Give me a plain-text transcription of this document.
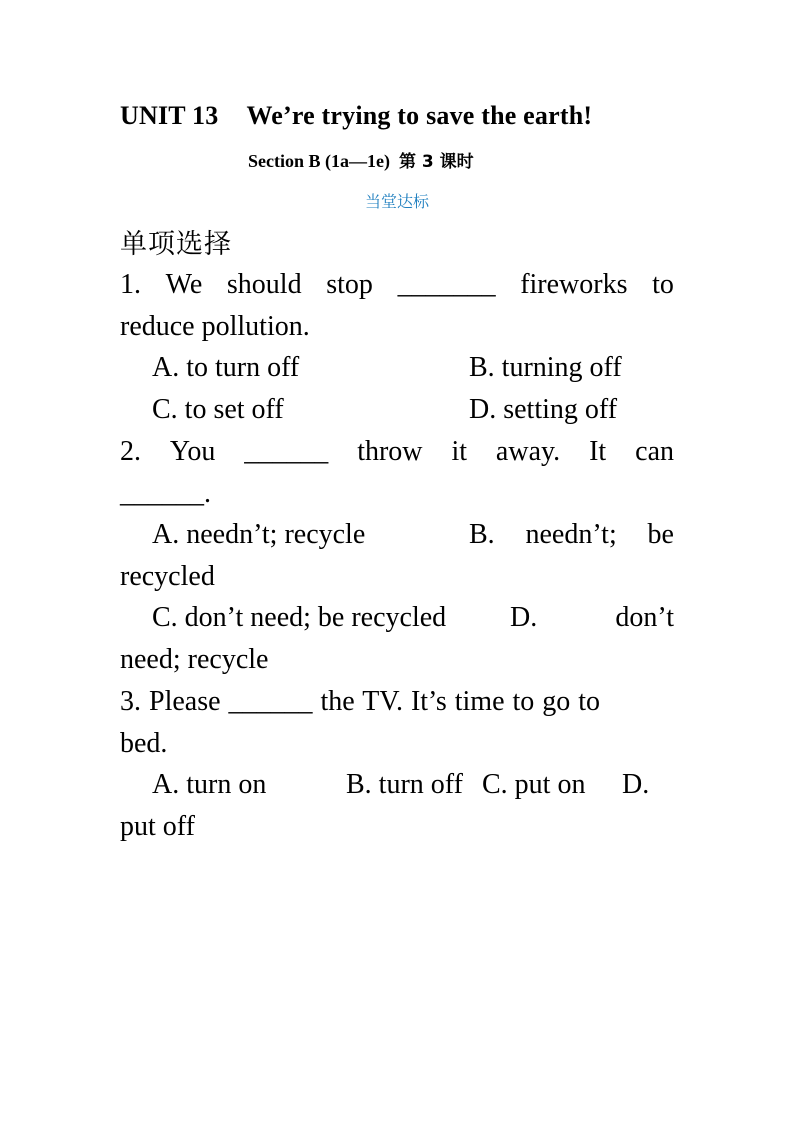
UNIT 13 We’re trying to save the earth!
Section B (1a—1e) 第 3 课时
当堂达标
单项选择
1. We should stop _______ fireworks to
reduce pollution.
A. to turn off	B. turning off
C. to set off	D. setting off
2. You ______ throw it away. It can
______.
A. needn’t; recycle	B. needn’t; be
recycled
C. don’t need; be recycled D.	don’t
need; recycle
3. Please ______ the TV. It’s time to go to
bed.
A. turn on	B. turn off C. put on D.
put off
